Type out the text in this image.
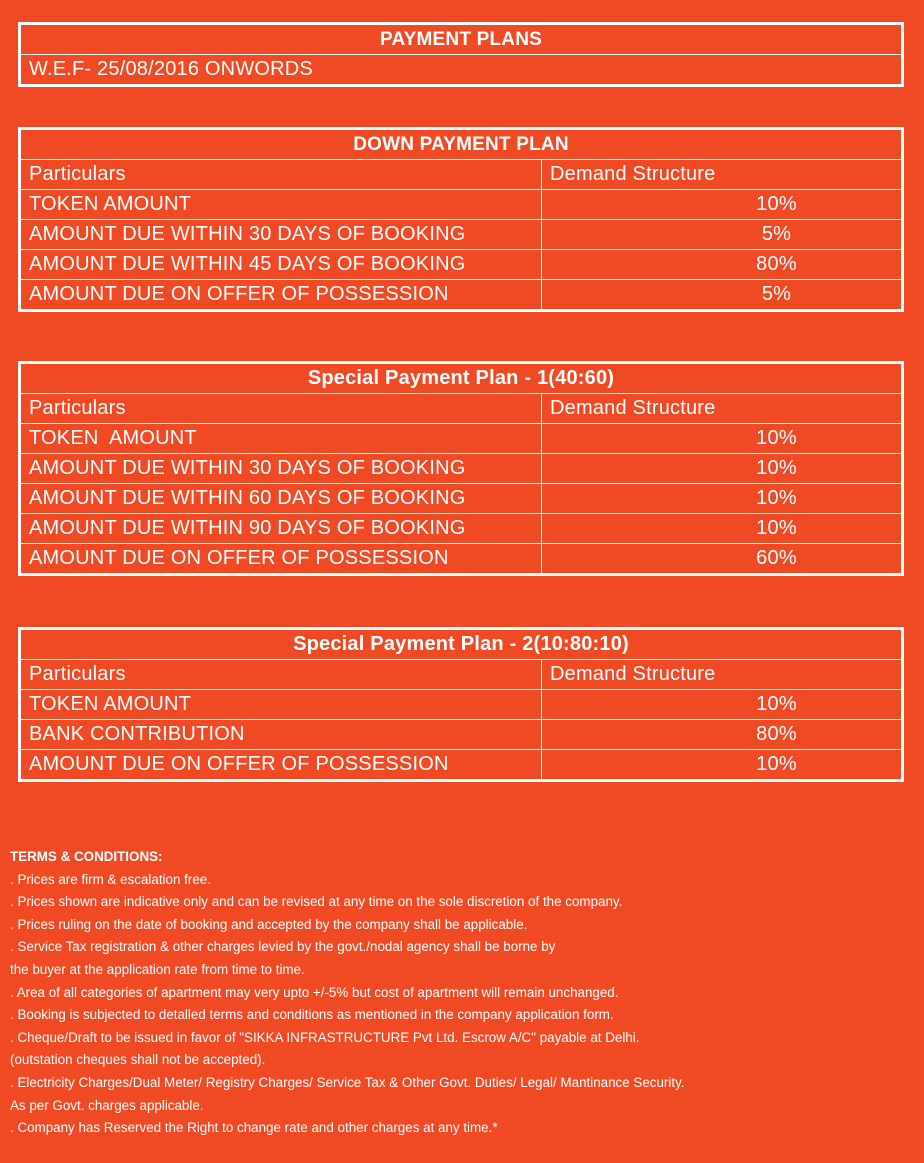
PAYMENT PLANS
W.E.F- 25/08/2016 ONWORDS
DOWN PAYMENT PLAN	
Particulars	Demand Structure
TOKEN AMOUNT	10%
AMOUNT DUE WITHIN 30 DAYS OF BOOKING	5%
AMOUNT DUE WITHIN 45 DAYS OF BOOKING	80%
AMOUNT DUE ON OFFER OF POSSESSION	5%
Special Payment Plan - 1(40:60)	
Particulars	Demand Structure
TOKEN  AMOUNT	10%
AMOUNT DUE WITHIN 30 DAYS OF BOOKING	10%
AMOUNT DUE WITHIN 60 DAYS OF BOOKING	10%
AMOUNT DUE WITHIN 90 DAYS OF BOOKING	10%
AMOUNT DUE ON OFFER OF POSSESSION	60%
Special Payment Plan - 2(10:80:10)	
Particulars	Demand Structure
TOKEN AMOUNT	10%
BANK CONTRIBUTION	80%
AMOUNT DUE ON OFFER OF POSSESSION	10%
TERMS & CONDITIONS:
. Prices are firm & escalation free.
. Prices shown are indicative only and can be revised at any time on the sole discretion of the company.
. Prices ruling on the date of booking and accepted by the company shall be applicable.
. Service Tax registration & other charges levied by the govt./nodal agency shall be borne by
the buyer at the application rate from time to time.
. Area of all categories of apartment may very upto +/-5% but cost of apartment will remain unchanged.
. Booking is subjected to detalled terms and conditions as mentioned in the company application form.
. Cheque/Draft to be issued in favor of "SIKKA INFRASTRUCTURE Pvt Ltd. Escrow A/C" payable at Delhi.
(outstation cheques shall not be accepted).
. Electricity Charges/Dual Meter/ Registry Charges/ Service Tax & Other Govt. Duties/ Legal/ Mantinance Security.
As per Govt. charges applicable.
. Company has Reserved the Right to change rate and other charges at any time.*
